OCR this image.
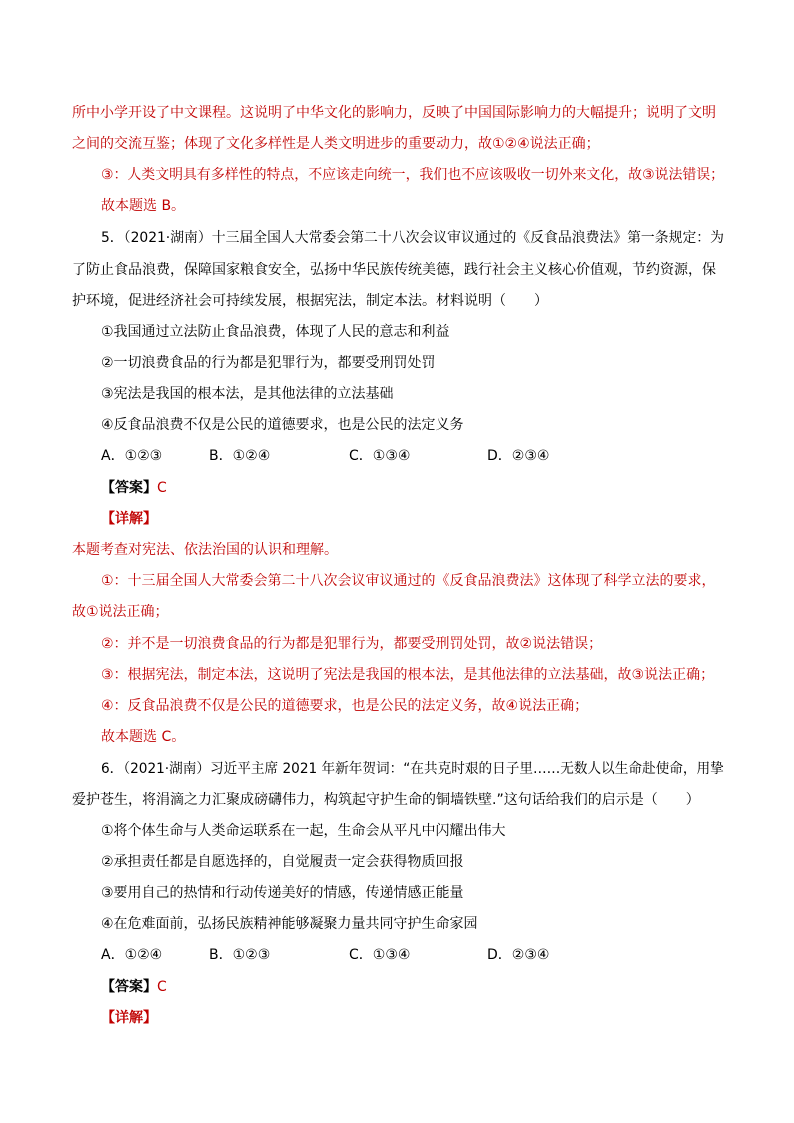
所中小学开设了中文课程。这说明了中华文化的影响力，反映了中国国际影响力的大幅提升；说明了文明
之间的交流互鉴；体现了文化多样性是人类文明进步的重要动力，故①②④说法正确；
③：人类文明具有多样性的特点，不应该走向统一，我们也不应该吸收一切外来文化，故③说法错误；
故本题选 B。
5．（2021·湖南）十三届全国人大常委会第二十八次会议审议通过的《反食品浪费法》第一条规定：为
了防止食品浪费，保障国家粮食安全，弘扬中华民族传统美德，践行社会主义核心价值观，节约资源，保
护环境，促进经济社会可持续发展，根据宪法，制定本法。材料说明（　　）
①我国通过立法防止食品浪费，体现了人民的意志和利益
②一切浪费食品的行为都是犯罪行为，都要受刑罚处罚
③宪法是我国的根本法，是其他法律的立法基础
④反食品浪费不仅是公民的道德要求，也是公民的法定义务
A．①②③	B．①②④	C．①③④	D．②③④
【答案】C
【详解】
本题考查对宪法、依法治国的认识和理解。
①：十三届全国人大常委会第二十八次会议审议通过的《反食品浪费法》这体现了科学立法的要求，
故①说法正确；
②：并不是一切浪费食品的行为都是犯罪行为，都要受刑罚处罚，故②说法错误；
③：根据宪法，制定本法，这说明了宪法是我国的根本法，是其他法律的立法基础，故③说法正确；
④：反食品浪费不仅是公民的道德要求，也是公民的法定义务，故④说法正确；
故本题选 C。
6．（2021·湖南）习近平主席 2021 年新年贺词：“在共克时艰的日子里……无数人以生命赴使命，用挚
爱护苍生，将涓滴之力汇聚成磅礴伟力，构筑起守护生命的铜墙铁壁.”这句话给我们的启示是（　　）
①将个体生命与人类命运联系在一起，生命会从平凡中闪耀出伟大
②承担责任都是自愿选择的，自觉履责一定会获得物质回报
③要用自己的热情和行动传递美好的情感，传递情感正能量
④在危难面前，弘扬民族精神能够凝聚力量共同守护生命家园
A．①②④	B．①②③	C．①③④	D．②③④
【答案】C
【详解】
